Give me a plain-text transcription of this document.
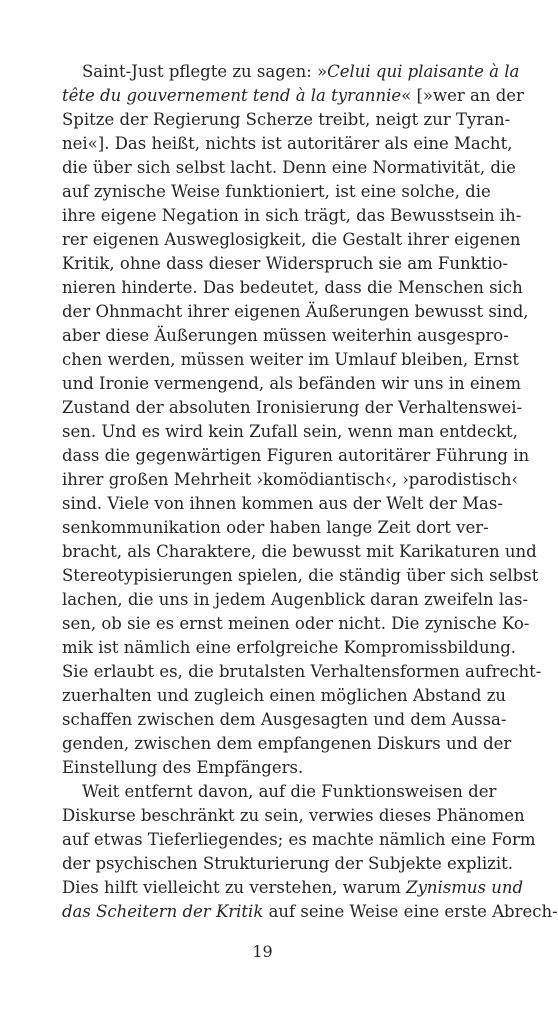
Saint-Just pflegte zu sagen: »Celui qui plaisante à la
tête du gouvernement tend à la tyrannie« [»wer an der
Spitze der Regierung Scherze treibt, neigt zur Tyran-
nei«]. Das heißt, nichts ist autoritärer als eine Macht,
die über sich selbst lacht. Denn eine Normativität, die
auf zynische Weise funktioniert, ist eine solche, die
ihre eigene Negation in sich trägt, das Bewusstsein ih-
rer eigenen Ausweglosigkeit, die Gestalt ihrer eigenen
Kritik, ohne dass dieser Widerspruch sie am Funktio-
nieren hinderte. Das bedeutet, dass die Menschen sich
der Ohnmacht ihrer eigenen Äußerungen bewusst sind,
aber diese Äußerungen müssen weiterhin ausgespro-
chen werden, müssen weiter im Umlauf bleiben, Ernst
und Ironie vermengend, als befänden wir uns in einem
Zustand der absoluten Ironisierung der Verhaltenswei-
sen. Und es wird kein Zufall sein, wenn man entdeckt,
dass die gegenwärtigen Figuren autoritärer Führung in
ihrer großen Mehrheit ›komödiantisch‹, ›parodistisch‹
sind. Viele von ihnen kommen aus der Welt der Mas-
senkommunikation oder haben lange Zeit dort ver-
bracht, als Charaktere, die bewusst mit Karikaturen und
Stereotypisierungen spielen, die ständig über sich selbst
lachen, die uns in jedem Augenblick daran zweifeln las-
sen, ob sie es ernst meinen oder nicht. Die zynische Ko-
mik ist nämlich eine erfolgreiche Kompromissbildung.
Sie erlaubt es, die brutalsten Verhaltensformen aufrecht-
zuerhalten und zugleich einen möglichen Abstand zu
schaffen zwischen dem Ausgesagten und dem Aussa-
genden, zwischen dem empfangenen Diskurs und der
Einstellung des Empfängers.
Weit entfernt davon, auf die Funktionsweisen der
Diskurse beschränkt zu sein, verwies dieses Phänomen
auf etwas Tieferliegendes; es machte nämlich eine Form
der psychischen Strukturierung der Subjekte explizit.
Dies hilft vielleicht zu verstehen, warum Zynismus und
das Scheitern der Kritik auf seine Weise eine erste Abrech-
19
